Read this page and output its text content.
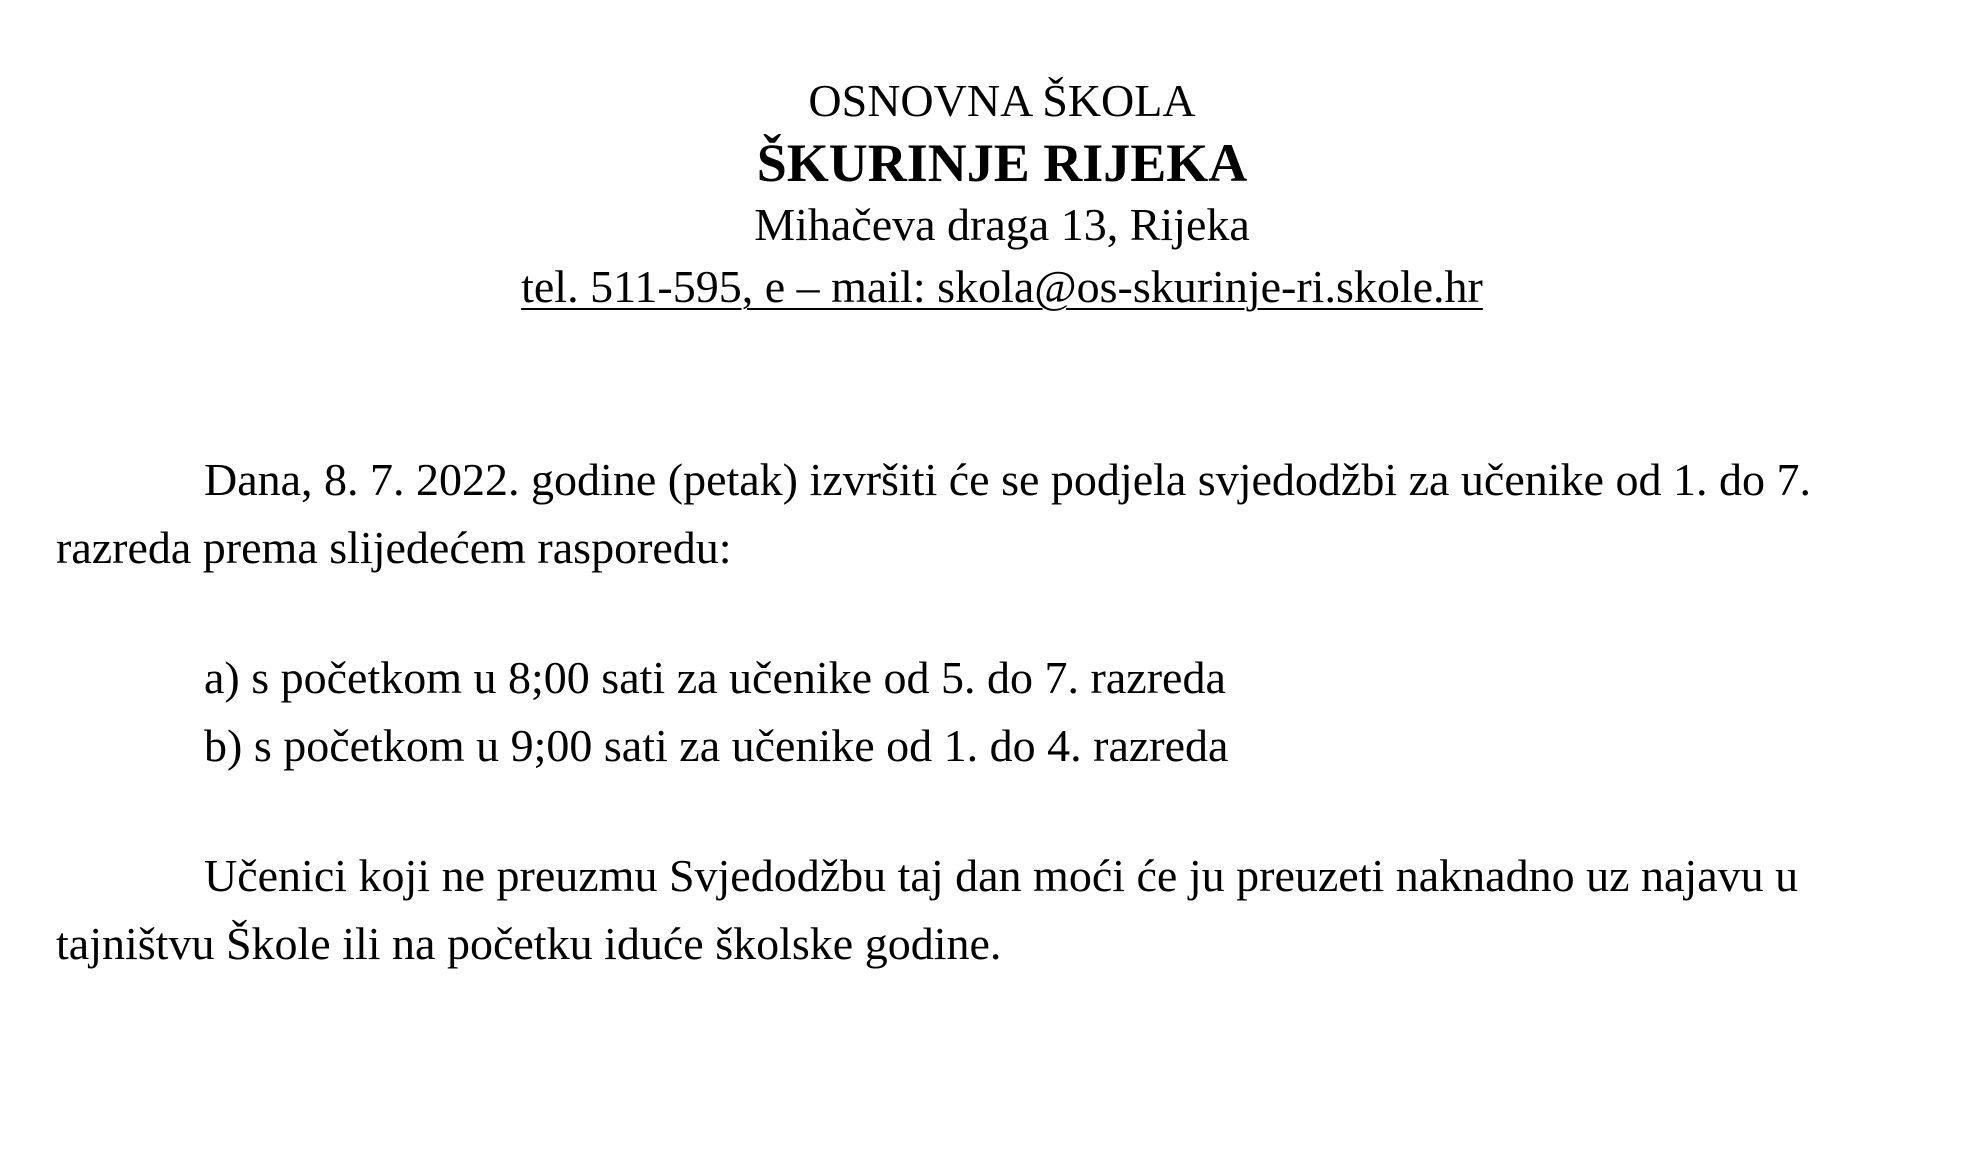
OSNOVNA ŠKOLA
ŠKURINJE RIJEKA
Mihačeva draga 13, Rijeka
tel. 511-595, e – mail: skola@os-skurinje-ri.skole.hr

Dana, 8. 7. 2022. godine (petak) izvršiti će se podjela svjedodžbi za učenike od 1. do 7. razreda prema slijedećem rasporedu:

a) s početkom u 8;00 sati za učenike od 5. do 7. razreda
b) s početkom u 9;00 sati za učenike od 1. do 4. razreda

Učenici koji ne preuzmu Svjedodžbu taj dan moći će ju preuzeti naknadno uz najavu u tajništvu Škole ili na početku iduće školske godine.
